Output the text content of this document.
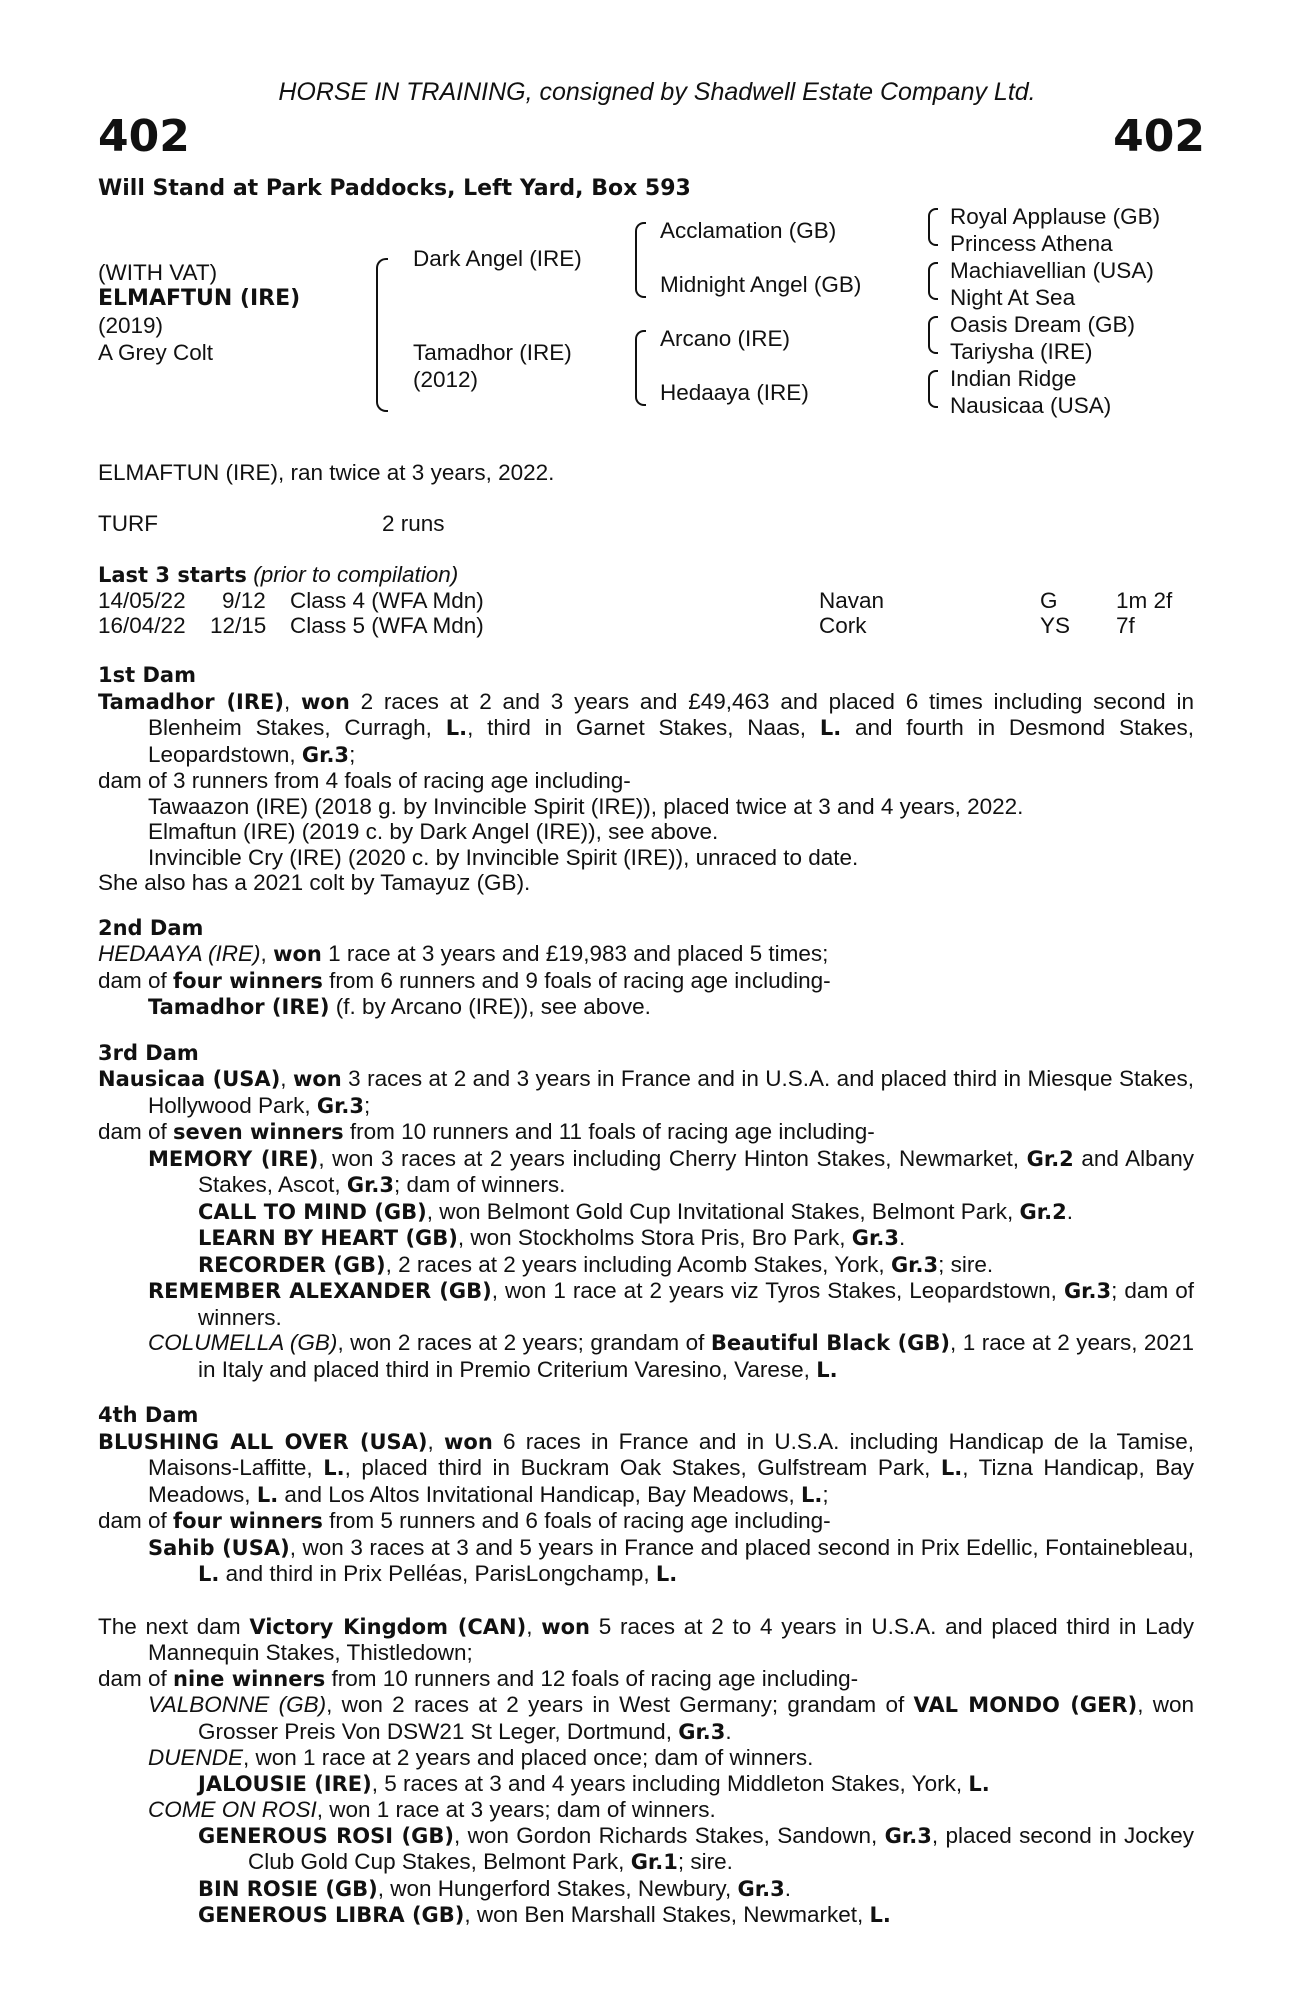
HORSE IN TRAINING, consigned by Shadwell Estate Company Ltd.
402	402
Will Stand at Park Paddocks, Left Yard, Box 593
(WITH VAT)
ELMAFTUN (IRE)
(2019)
A Grey Colt
Dark Angel (IRE)
Tamadhor (IRE)
(2012)
Acclamation (GB)
Midnight Angel (GB)
Arcano (IRE)
Hedaaya (IRE)
Royal Applause (GB)
Princess Athena
Machiavellian (USA)
Night At Sea
Oasis Dream (GB)
Tariysha (IRE)
Indian Ridge
Nausicaa (USA)
ELMAFTUN (IRE), ran twice at 3 years, 2022.
TURF	2 runs
Last 3 starts (prior to compilation)
14/05/22 9/12 Class 4 (WFA Mdn)	Navan	G	1m 2f
16/04/22 12/15 Class 5 (WFA Mdn)	Cork	YS 7f

1st Dam

Tamadhor (IRE), won 2 races at 2 and 3 years and £49,463 and placed 6 times including second in Blenheim Stakes, Curragh, L., third in Garnet Stakes, Naas, L. and fourth in Desmond Stakes, Leopardstown, Gr.3;

dam of 3 runners from 4 foals of racing age including-

Tawaazon (IRE) (2018 g. by Invincible Spirit (IRE)), placed twice at 3 and 4 years, 2022.

Elmaftun (IRE) (2019 c. by Dark Angel (IRE)), see above.

Invincible Cry (IRE) (2020 c. by Invincible Spirit (IRE)), unraced to date.

She also has a 2021 colt by Tamayuz (GB).

2nd Dam

HEDAAYA (IRE), won 1 race at 3 years and £19,983 and placed 5 times;

dam of four winners from 6 runners and 9 foals of racing age including-

Tamadhor (IRE) (f. by Arcano (IRE)), see above.

3rd Dam

Nausicaa (USA), won 3 races at 2 and 3 years in France and in U.S.A. and placed third in Miesque Stakes, Hollywood Park, Gr.3;

dam of seven winners from 10 runners and 11 foals of racing age including-

MEMORY (IRE), won 3 races at 2 years including Cherry Hinton Stakes, Newmarket, Gr.2 and Albany Stakes, Ascot, Gr.3; dam of winners.

CALL TO MIND (GB), won Belmont Gold Cup Invitational Stakes, Belmont Park, Gr.2.

LEARN BY HEART (GB), won Stockholms Stora Pris, Bro Park, Gr.3.

RECORDER (GB), 2 races at 2 years including Acomb Stakes, York, Gr.3; sire.

REMEMBER ALEXANDER (GB), won 1 race at 2 years viz Tyros Stakes, Leopardstown, Gr.3; dam of winners.

COLUMELLA (GB), won 2 races at 2 years; grandam of Beautiful Black (GB), 1 race at 2 years, 2021 in Italy and placed third in Premio Criterium Varesino, Varese, L.

4th Dam

BLUSHING ALL OVER (USA), won 6 races in France and in U.S.A. including Handicap de la Tamise, Maisons-Laffitte, L., placed third in Buckram Oak Stakes, Gulfstream Park, L., Tizna Handicap, Bay Meadows, L. and Los Altos Invitational Handicap, Bay Meadows, L.;

dam of four winners from 5 runners and 6 foals of racing age including-

Sahib (USA), won 3 races at 3 and 5 years in France and placed second in Prix Edellic, Fontainebleau, L. and third in Prix Pelléas, ParisLongchamp, L.

The next dam Victory Kingdom (CAN), won 5 races at 2 to 4 years in U.S.A. and placed third in Lady Mannequin Stakes, Thistledown;

dam of nine winners from 10 runners and 12 foals of racing age including-

VALBONNE (GB), won 2 races at 2 years in West Germany; grandam of VAL MONDO (GER), won Grosser Preis Von DSW21 St Leger, Dortmund, Gr.3.

DUENDE, won 1 race at 2 years and placed once; dam of winners.

JALOUSIE (IRE), 5 races at 3 and 4 years including Middleton Stakes, York, L.

COME ON ROSI, won 1 race at 3 years; dam of winners.

GENEROUS ROSI (GB), won Gordon Richards Stakes, Sandown, Gr.3, placed second in Jockey Club Gold Cup Stakes, Belmont Park, Gr.1; sire.

BIN ROSIE (GB), won Hungerford Stakes, Newbury, Gr.3.

GENEROUS LIBRA (GB), won Ben Marshall Stakes, Newmarket, L.
